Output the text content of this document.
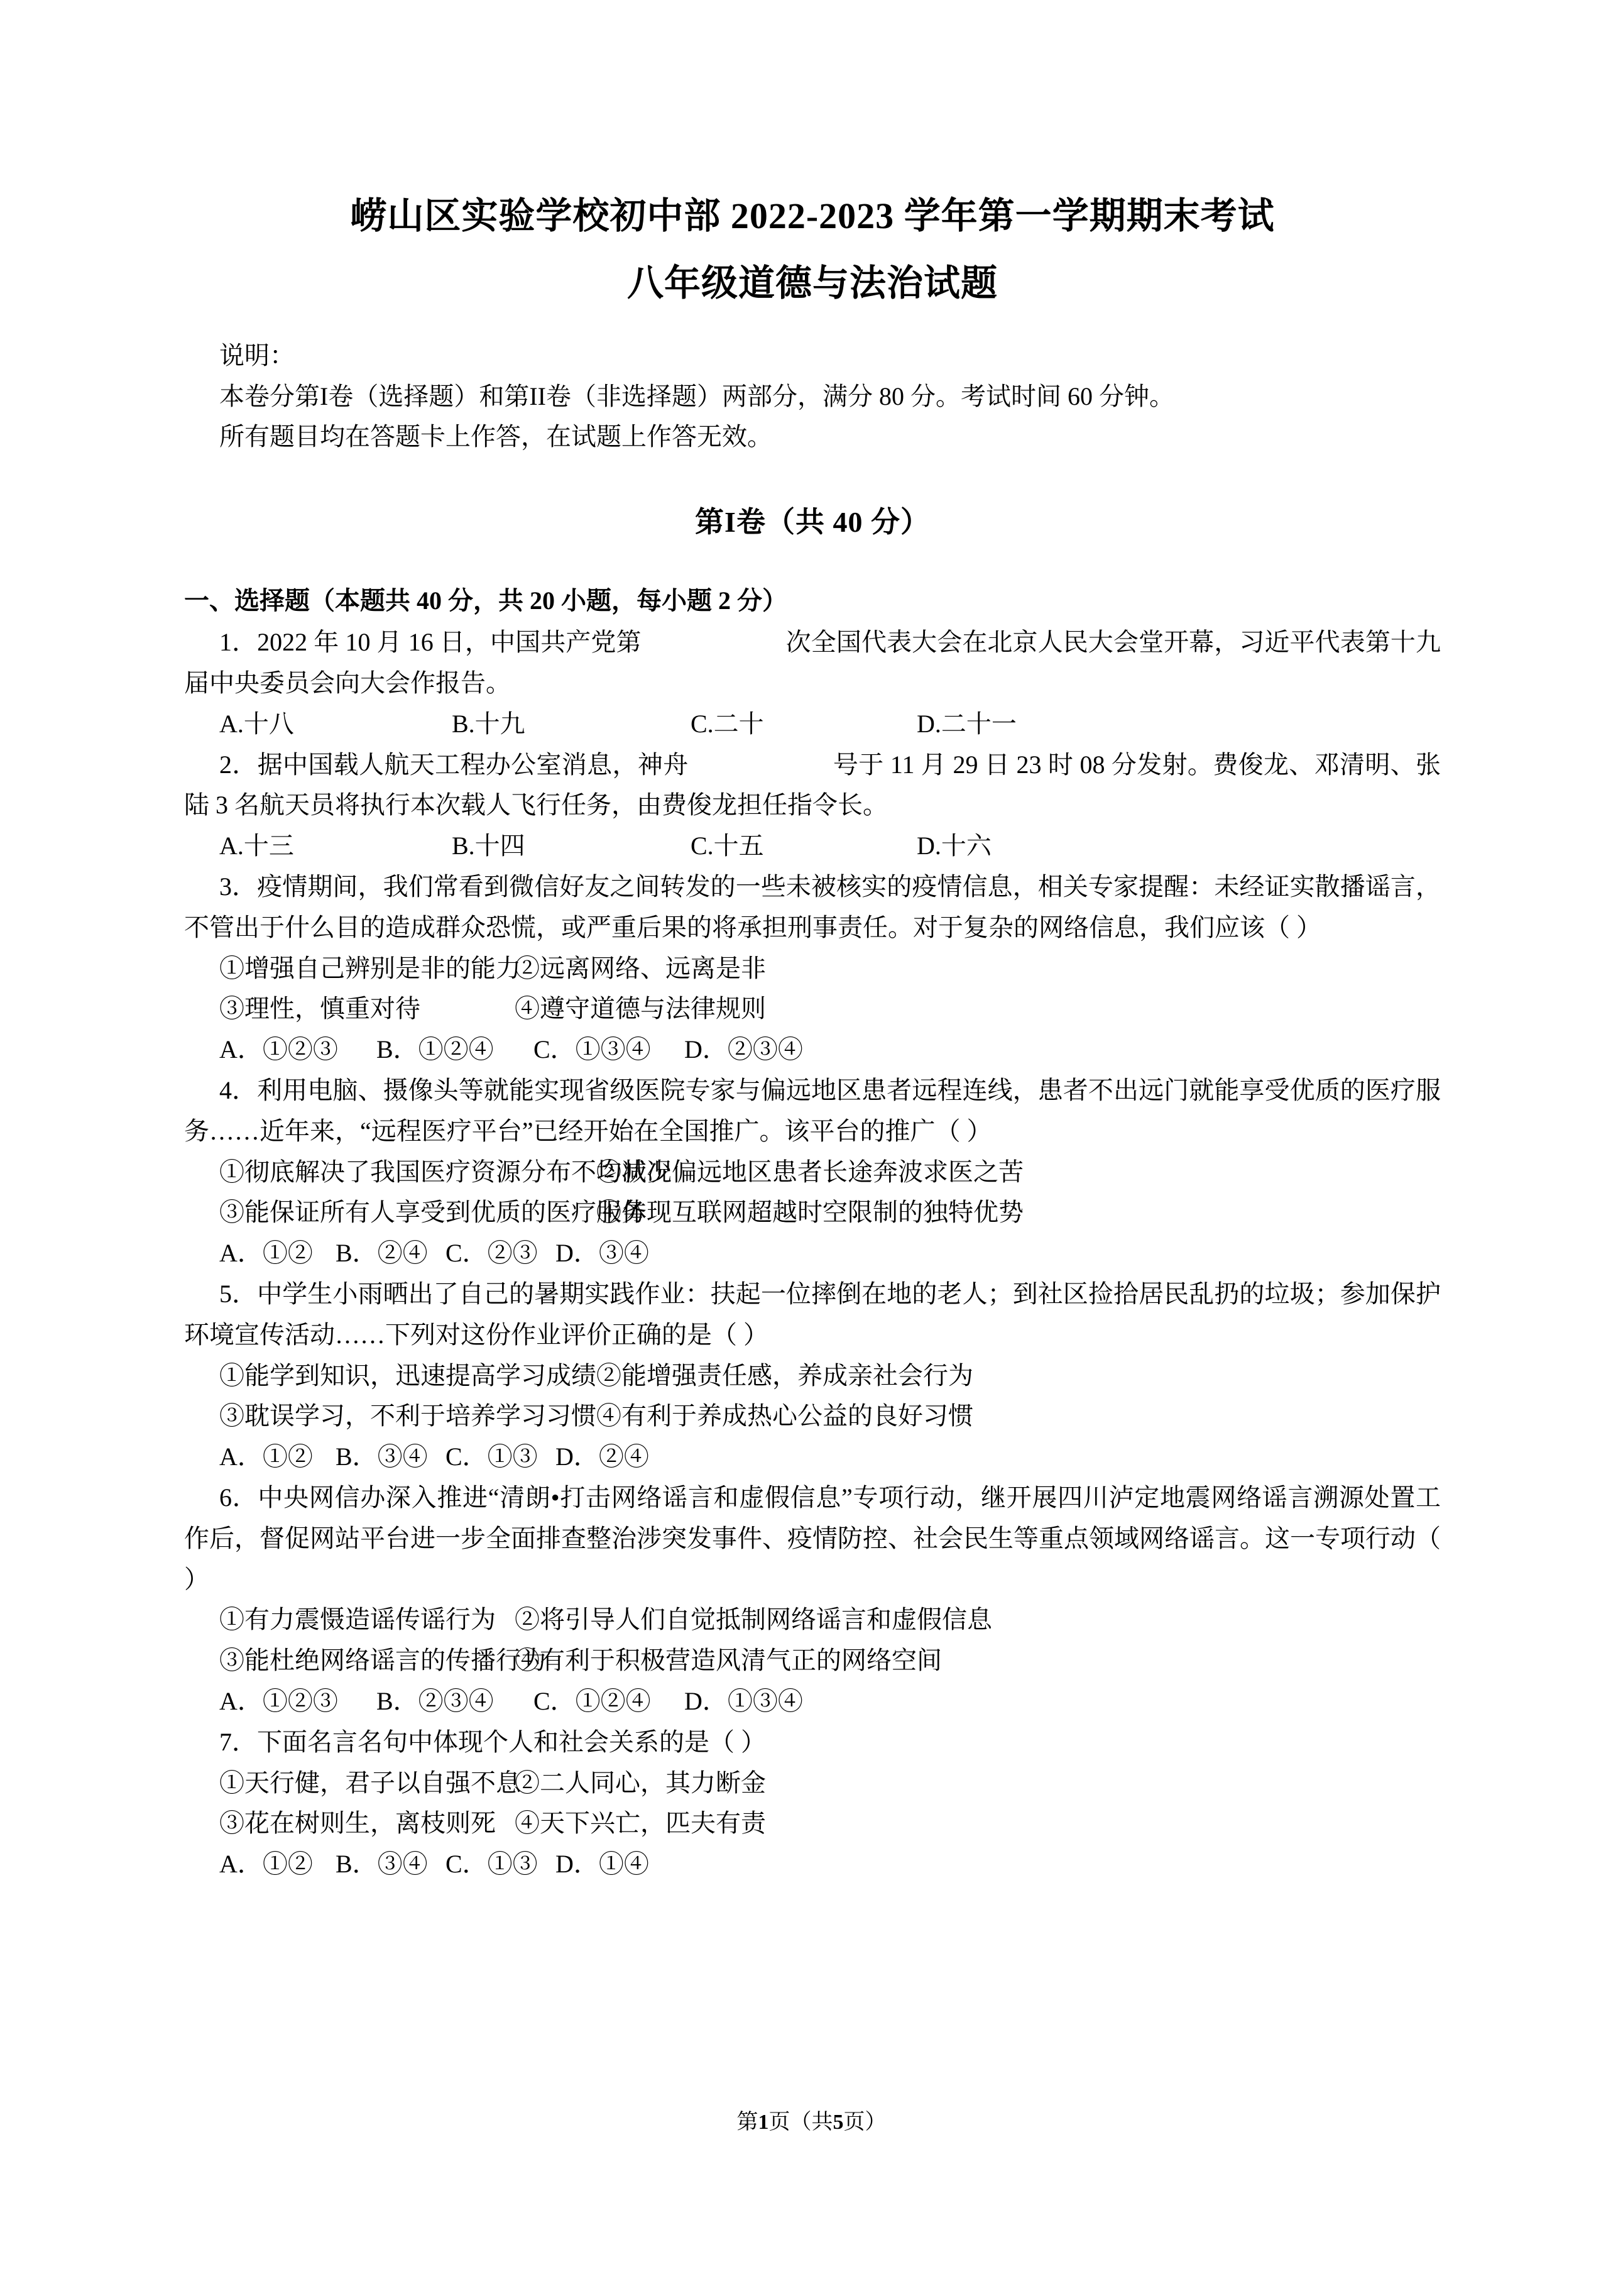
崂山区实验学校初中部 2022-2023 学年第一学期期末考试
八年级道德与法治试题
说明：
本卷分第I卷（选择题）和第II卷（非选择题）两部分，满分 80 分。考试时间 60 分钟。
所有题目均在答题卡上作答，在试题上作答无效。
第I卷（共 40 分）
一、选择题（本题共 40 分，共 20 小题，每小题 2 分）
1．2022 年 10 月 16 日，中国共产党第	次全国代表大会在北京人民大会堂开幕，习近平代表第十九届中央委员会向大会作报告。
A.十八	B.十九	C.二十	D.二十一
2．据中国载人航天工程办公室消息，神舟	号于 11 月 29 日 23 时 08 分发射。费俊龙、邓清明、张陆 3 名航天员将执行本次载人飞行任务，由费俊龙担任指令长。
A.十三	B.十四	C.十五	D.十六
3．疫情期间，我们常看到微信好友之间转发的一些未被核实的疫情信息，相关专家提醒：未经证实散播谣言，不管出于什么目的造成群众恐慌，或严重后果的将承担刑事责任。对于复杂的网络信息，我们应该（ ）
①增强自己辨别是非的能力②远离网络、远离是非
③理性，慎重对待	④遵守道德与法律规则
A．①②③ B．①②④ C．①③④ D．②③④
4．利用电脑、摄像头等就能实现省级医院专家与偏远地区患者远程连线，患者不出远门就能享受优质的医疗服务……近年来，“远程医疗平台”已经开始在全国推广。该平台的推广（ ）
①彻底解决了我国医疗资源分布不均状况②减少偏远地区患者长途奔波求医之苦
③能保证所有人享受到优质的医疗服务④体现互联网超越时空限制的独特优势
A．①② B．②④ C．②③ D．③④
5．中学生小雨晒出了自己的暑期实践作业：扶起一位摔倒在地的老人；到社区捡拾居民乱扔的垃圾；参加保护环境宣传活动……下列对这份作业评价正确的是（ ）
①能学到知识，迅速提高学习成绩②能增强责任感，养成亲社会行为
③耽误学习，不利于培养学习习惯④有利于养成热心公益的良好习惯
A．①② B．③④ C．①③ D．②④
6．中央网信办深入推进“清朗•打击网络谣言和虚假信息”专项行动，继开展四川泸定地震网络谣言溯源处置工作后，督促网站平台进一步全面排查整治涉突发事件、疫情防控、社会民生等重点领域网络谣言。这一专项行动（ ）
①有力震慑造谣传谣行为 ②将引导人们自觉抵制网络谣言和虚假信息
③能杜绝网络谣言的传播行为④有利于积极营造风清气正的网络空间
A．①②③ B．②③④ C．①②④ D．①③④
7．下面名言名句中体现个人和社会关系的是（ ）
①天行健，君子以自强不息②二人同心，其力断金
③花在树则生，离枝则死 ④天下兴亡，匹夫有责
A．①② B．③④ C．①③ D．①④
第1页（共5页）
